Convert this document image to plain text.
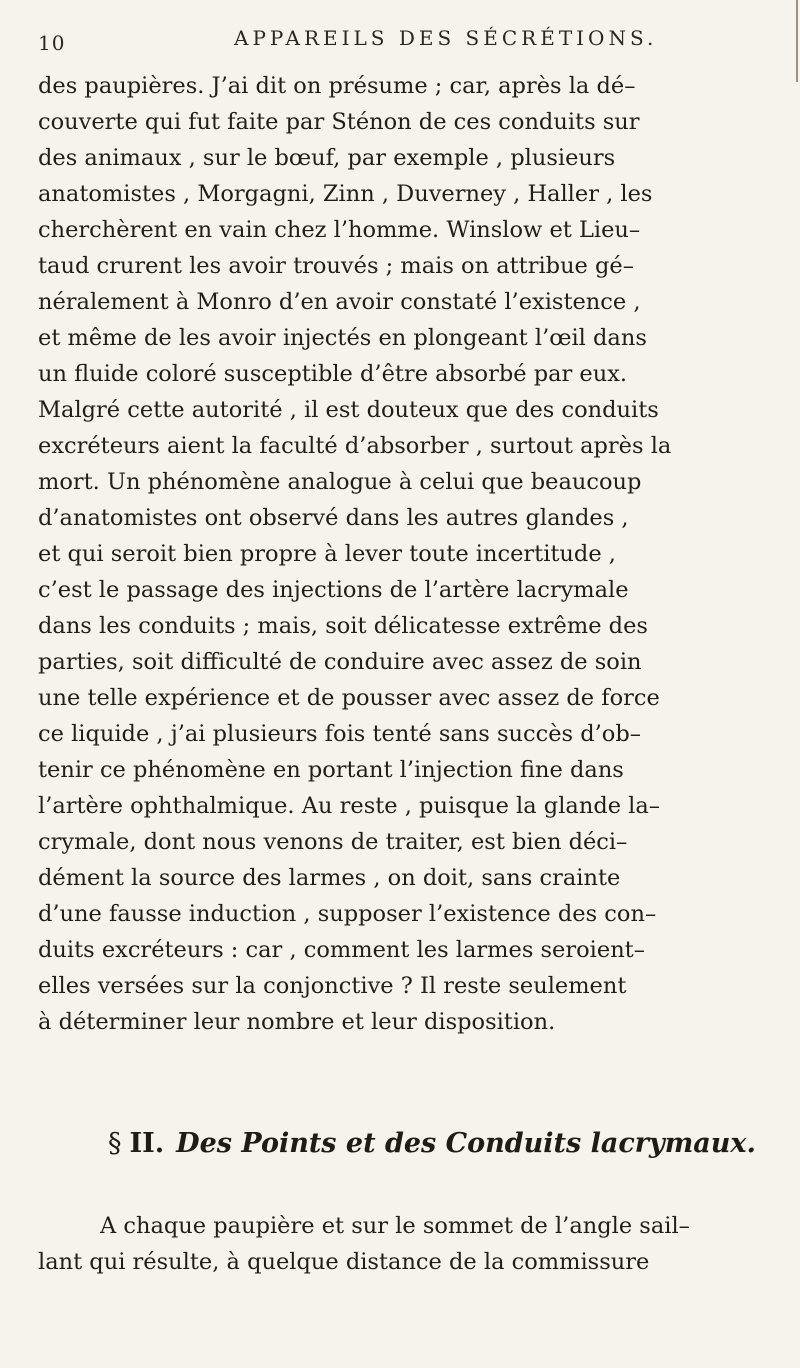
10	APPAREILS DES SÉCRÉTIONS.
des paupières. J’ai dit on présume ; car, après la dé–
couverte qui fut faite par Sténon de ces conduits sur
des animaux , sur le bœuf, par exemple , plusieurs
anatomistes , Morgagni, Zinn , Duverney , Haller , les
cherchèrent en vain chez l’homme. Winslow et Lieu–
taud crurent les avoir trouvés ; mais on attribue gé–
néralement à Monro d’en avoir constaté l’existence ,
et même de les avoir injectés en plongeant l’œil dans
un fluide coloré susceptible d’être absorbé par eux.
Malgré cette autorité , il est douteux que des conduits
excréteurs aient la faculté d’absorber , surtout après la
mort. Un phénomène analogue à celui que beaucoup
d’anatomistes ont observé dans les autres glandes ,
et qui seroit bien propre à lever toute incertitude ,
c’est le passage des injections de l’artère lacrymale
dans les conduits ; mais, soit délicatesse extrême des
parties, soit difficulté de conduire avec assez de soin
une telle expérience et de pousser avec assez de force
ce liquide , j’ai plusieurs fois tenté sans succès d’ob–
tenir ce phénomène en portant l’injection fine dans
l’artère ophthalmique. Au reste , puisque la glande la–
crymale, dont nous venons de traiter, est bien déci–
dément la source des larmes , on doit, sans crainte
d’une fausse induction , supposer l’existence des con–
duits excréteurs : car , comment les larmes seroient–
elles versées sur la conjonctive ? Il reste seulement
à déterminer leur nombre et leur disposition.
§ II. Des Points et des Conduits lacrymaux.
A chaque paupière et sur le sommet de l’angle sail–
lant qui résulte, à quelque distance de la commissure
